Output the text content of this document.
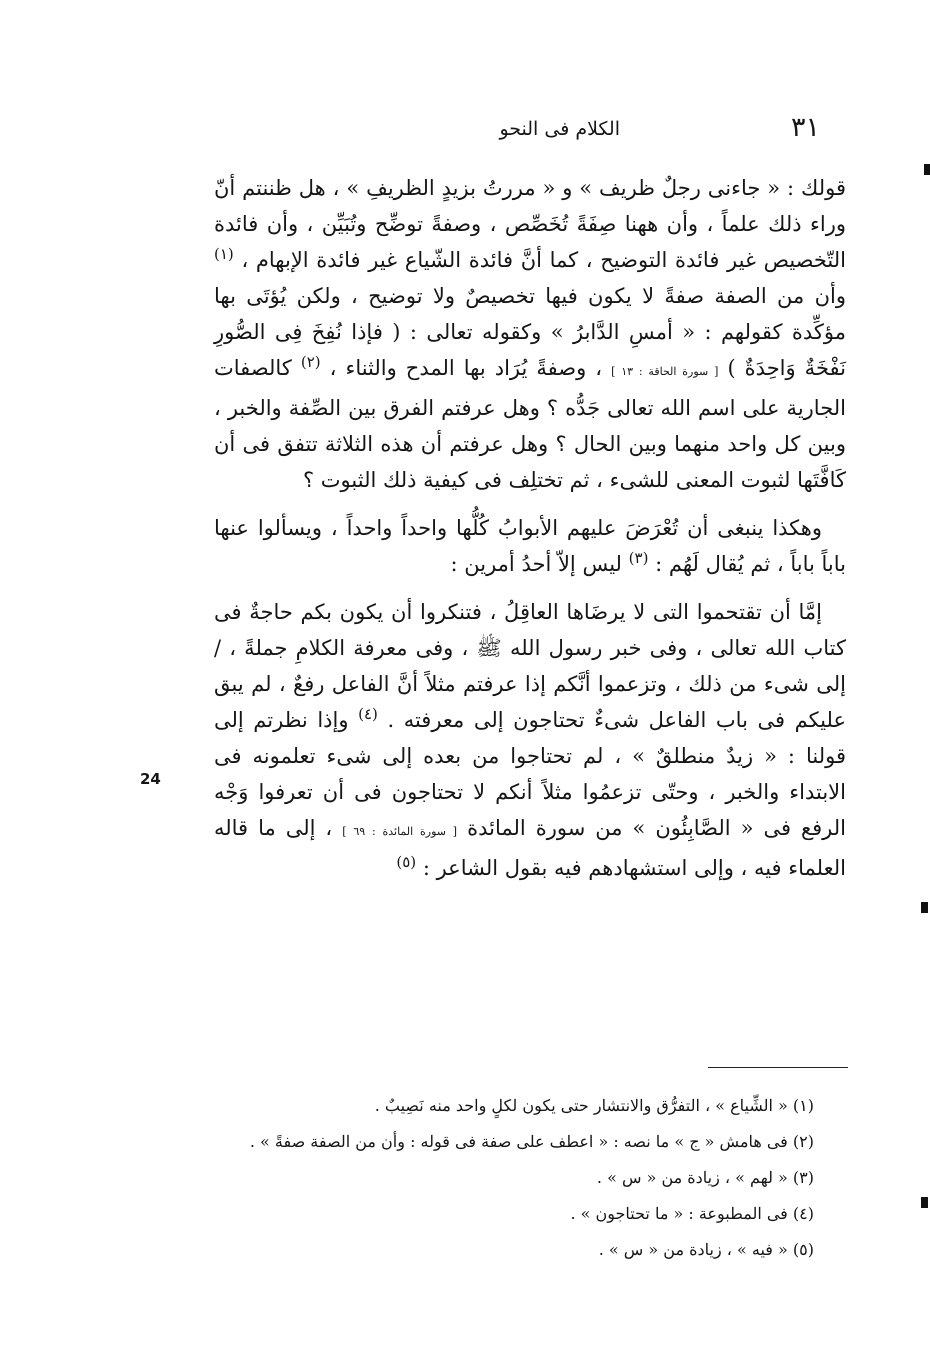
٣١
الكلام فى النحو

قولك : « جاءنى رجلٌ ظريف » و « مررتُ بزيدٍ الظريفِ » ، هل ظننتم أنّ وراء ذلك علماً ، وأن ههنا صِفَةً تُخَصِّص ، وصفةً توضِّح وتُبَيِّن ، وأن فائدة التّخصيص غير فائدة التوضيح ، كما أنَّ فائدة الشّياع غير فائدة الإبهام ، $^{(١)}$ وأن من الصفة صفةً لا يكون فيها تخصيصٌ ولا توضيح ، ولكن يُؤتَى بها مؤكِّدة كقولهم : « أمسِ الدَّابرُ » وكقوله تعالى : ( فإذا نُفِخَ فِى الصُّورِ نَفْخَةٌ وَاحِدَةٌ ) [ سورة الحاقة : ١٣ ] ، وصفةً يُرَاد بها المدح والثناء ، $^{(٢)}$ كالصفات الجارية على اسم الله تعالى جَدُّه ؟ وهل عرفتم الفرق بين الصِّفة والخبر ، وبين كل واحد منهما وبين الحال ؟ وهل عرفتم أن هذه الثلاثة تتفق فى أن كَافَّتَها لثبوت المعنى للشىء ، ثم تختلِف فى كيفية ذلك الثبوت ؟

وهكذا ينبغى أن تُعْرَضَ عليهم الأبوابُ كُلُّها واحداً واحداً ، ويسألوا عنها باباً باباً ، ثم يُقال لَهُم : $^{(٣)}$ ليس إلاّ أحدُ أمرين :

إمَّا أن تقتحموا التى لا يرضَاها العاقِلُ ، فتنكروا أن يكون بكم حاجةٌ فى كتاب الله تعالى ، وفى خبر رسول الله ﷺ ، وفى معرفة الكلامِ جملةً ، / إلى شىء من ذلك ، وتزعموا أنَّكم إذا عرفتم مثلاً أنَّ الفاعل رفعٌ ، لم يبق عليكم فى باب الفاعل شىءٌ تحتاجون إلى معرفته . $^{(٤)}$ وإذا نظرتم إلى قولنا : « زيدٌ منطلقٌ » ، لم تحتاجوا من بعده إلى شىء تعلمونه فى الابتداء والخبر ، وحتّى تزعمُوا مثلاً أنكم لا تحتاجون فى أن تعرفوا وَجْه الرفع فى « الصَّابِئُون » من سورة المائدة [ سورة المائدة : ٦٩ ] ، إلى ما قاله العلماء فيه ، وإلى استشهادهم فيه بقول الشاعر : $^{(٥)}$

24

(١) « الشِّياع » ، التفرُّق والانتشار حتى يكون لكلٍ واحد منه نَصِيبٌ .

(٢) فى هامش « ج » ما نصه : « اعطف على صفة فى قوله : وأن من الصفة صفةً » .

(٣) « لهم » ، زيادة من « س » .

(٤) فى المطبوعة : « ما تحتاجون » .

(٥) « فيه » ، زيادة من « س » .
